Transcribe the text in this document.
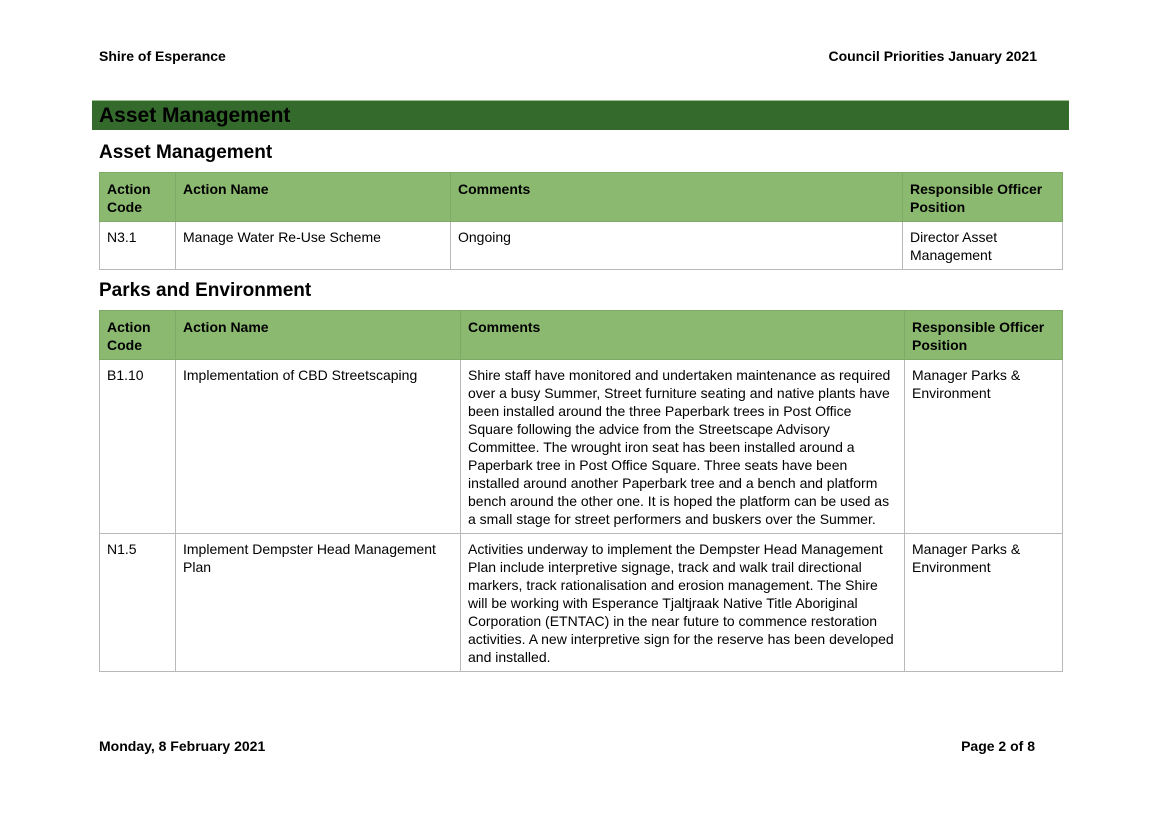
Shire of Esperance	Council Priorities January 2021
Asset Management
Asset Management
Action Code	Action Name	Comments	Responsible Officer Position
N3.1	Manage Water Re-Use Scheme	Ongoing	Director Asset Management
Parks and Environment
Action Code	Action Name	Comments	Responsible Officer Position
B1.10	Implementation of CBD Streetscaping	Shire staff have monitored and undertaken maintenance as required over a busy Summer, Street furniture seating and native plants have been installed around the three Paperbark trees in Post Office Square following the advice from the Streetscape Advisory Committee. The wrought iron seat has been installed around a Paperbark tree in Post Office Square. Three seats have been installed around another Paperbark tree and a bench and platform bench around the other one. It is hoped the platform can be used as a small stage for street performers and buskers over the Summer.	Manager Parks & Environment
N1.5	Implement Dempster Head Management Plan	Activities underway to implement the Dempster Head Management Plan include interpretive signage, track and walk trail directional markers, track rationalisation and erosion management. The Shire will be working with Esperance Tjaltjraak Native Title Aboriginal Corporation (ETNTAC) in the near future to commence restoration activities. A new interpretive sign for the reserve has been developed and installed.	Manager Parks & Environment
Monday, 8 February 2021	Page 2 of 8
